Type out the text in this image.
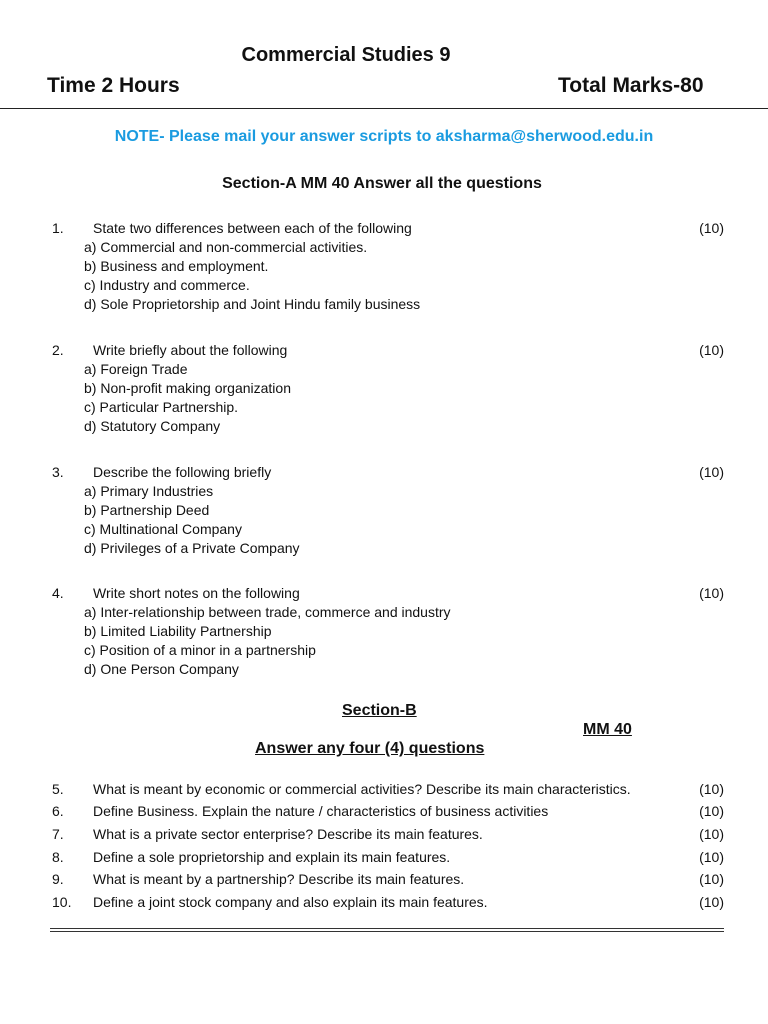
Commercial Studies 9
Time 2 Hours	Total Marks-80
NOTE- Please mail your answer scripts to aksharma@sherwood.edu.in
Section-A MM 40 Answer all the questions
1. State two differences between each of the following	(10)
a) Commercial and non-commercial activities.
b) Business and employment.
c) Industry and commerce.
d) Sole Proprietorship and Joint Hindu family business
2. Write briefly about the following	(10)
a) Foreign Trade
b) Non-profit making organization
c) Particular Partnership.
d) Statutory Company
3. Describe the following briefly	(10)
a) Primary Industries
b) Partnership Deed
c) Multinational Company
d) Privileges of a Private Company
4. Write short notes on the following	(10)
a) Inter-relationship between trade, commerce and industry
b) Limited Liability Partnership
c) Position of a minor in a partnership
d) One Person Company
Section-B
MM 40
Answer any four (4) questions
5. What is meant by economic or commercial activities? Describe its main characteristics.	(10)
6. Define Business. Explain the nature / characteristics of business activities	(10)
7. What is a private sector enterprise? Describe its main features.	(10)
8. Define a sole proprietorship and explain its main features.	(10)
9. What is meant by a partnership? Describe its main features.	(10)
10. Define a joint stock company and also explain its main features.	(10)
